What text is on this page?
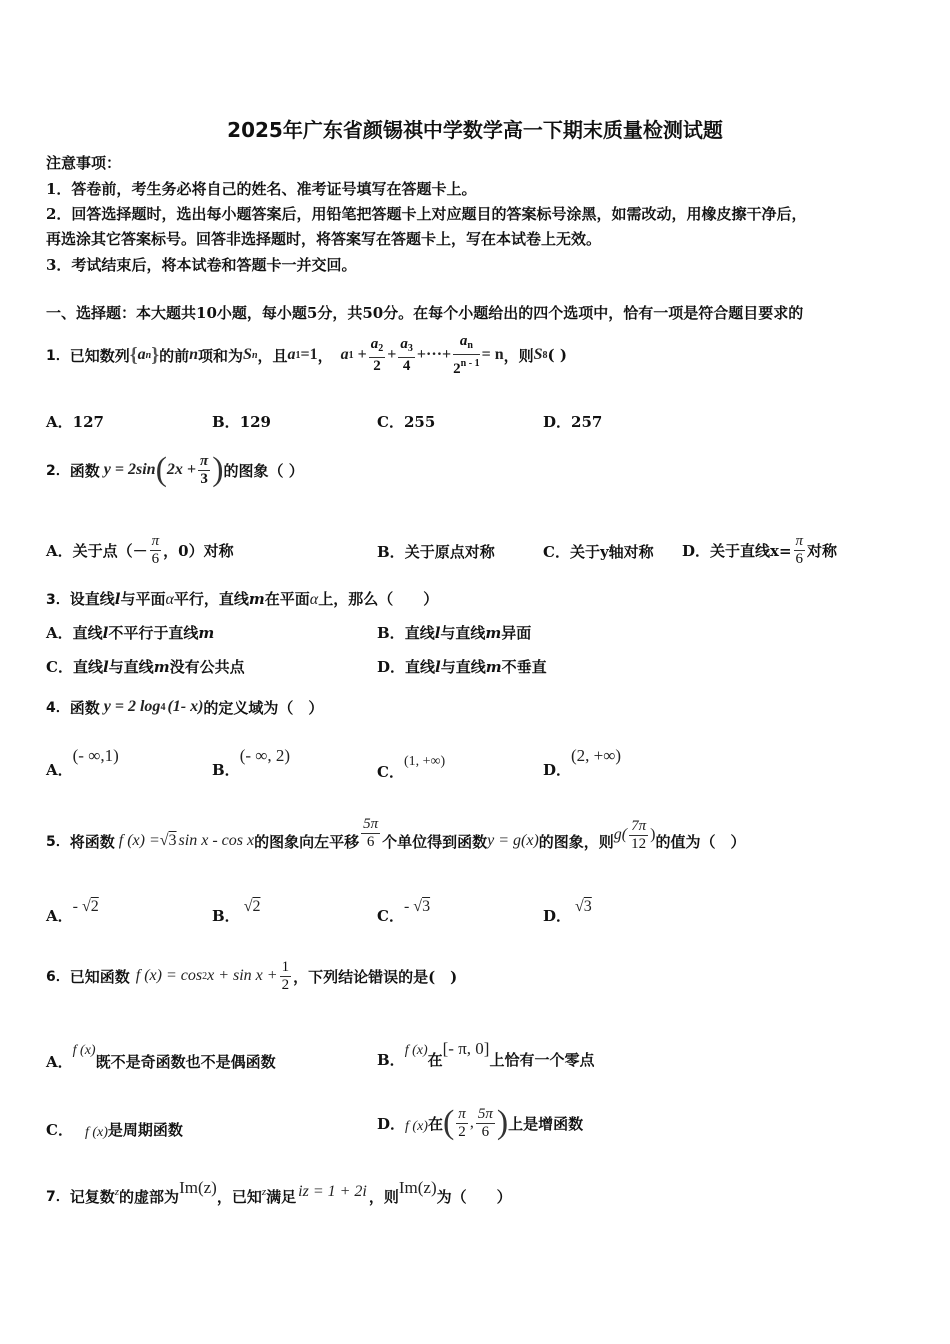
2025年广东省颜锡祺中学数学高一下期末质量检测试题
注意事项：
1．答卷前，考生务必将自己的姓名、准考证号填写在答题卡上。
2．回答选择题时，选出每小题答案后，用铅笔把答题卡上对应题目的答案标号涂黑，如需改动，用橡皮擦干净后，
再选涂其它答案标号。回答非选择题时，将答案写在答题卡上，写在本试卷上无效。
3．考试结束后，将本试卷和答题卡一并交回。
一、选择题：本大题共10小题，每小题5分，共50分。在每个小题给出的四个选项中，恰有一项是符合题目要求的
1． 已知数列 { a n } 的前 n 项和为 S n ，且 a 1 =1 ， a $1 + \frac{a_2}{2} + \frac{a_3}{4}$ +···+ $\frac{a_n}{2^{n - 1}} = n$ ，则 S 8 ( )
A．127	B．129	C．255	D．257
2． 函数 y = 2sin ( $2x + \frac{\pi}{3}$ ) 的图象（ ）
A． 关于点（－ $\frac{\pi}{6}$ ，0）对称	B．关于原点对称	C．关于y轴对称 D． 关于直线$x= \frac{\pi}{6}$ 对称
3．设直线l与平面α平行，直线m在平面α上，那么（　　）
A．直线l不平行于直线m	B．直线l与直线m异面
C．直线l与直线m没有公共点	D．直线l与直线m不垂直
4． 函数 y = 2 log 4 (1- x) 的定义域为（　）
A．(- ∞,1)
B．(- ∞, 2)
C．(1, +∞)	D．(2, +∞)
5． 将函数 f (x) = √ 3 sin x - cos x 的图象向左平移 $\frac{5\pi}{6}$ 个单位得到函数 y = g(x) 的图象，则 $g( \frac{7\pi}{12}$ ) 的值为（　）
A．- √2
B． √2
C．- √3
D． √3
6． 已知函数 f (x) = cos 2 $x + \sin x + \frac{1}{2}$ ，下列结论错误的是(　)
A．
f (x)
既不是奇函数也不是偶函数	B． f (x) 在
[- π, 0]
上恰有一个零点
C． f (x) 是周期函数	D． f (x) 在 ( $\frac{\pi}{2}$ , $\frac{5\pi}{6}$ ) 上是增函数
7． 记复数 z 的虚部为 Im(z) ，已知 z 满足 iz = 1 + 2i ，则 Im(z) 为（　　）
